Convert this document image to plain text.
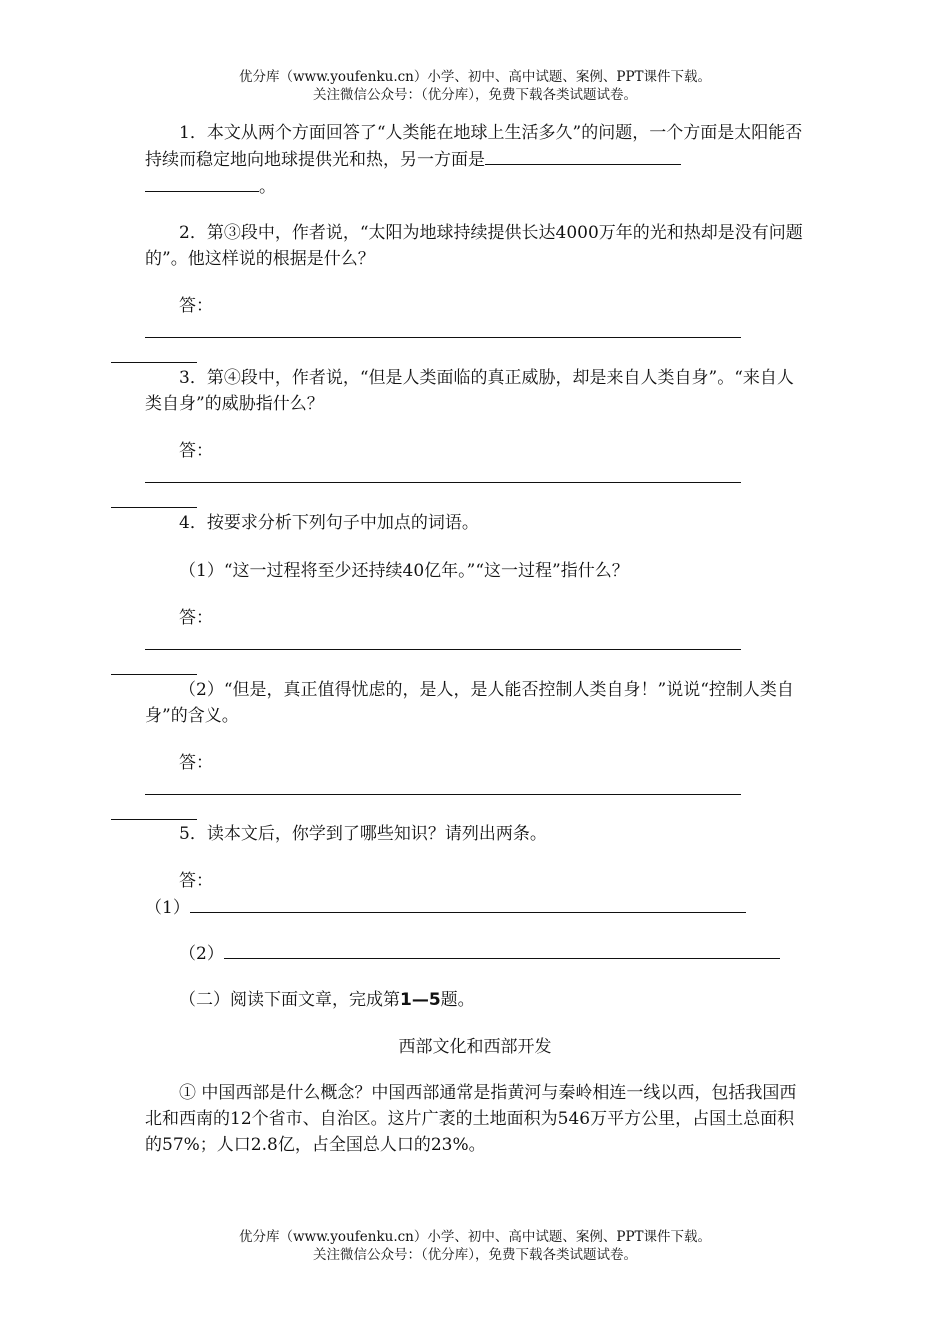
优分库（www.youfenku.cn）小学、初中、高中试题、案例、PPT课件下载。
关注微信公众号：（优分库），免费下载各类试题试卷。
1．本文从两个方面回答了“人类能在地球上生活多久”的问题，一个方面是太阳能否持续而稳定地向地球提供光和热，另一方面是
。
2．第③段中，作者说，“太阳为地球持续提供长达4000万年的光和热却是没有问题的”。他这样说的根据是什么？
答：
3．第④段中，作者说，“但是人类面临的真正威胁，却是来自人类自身”。“来自人类自身”的威胁指什么？
答：
4．按要求分析下列句子中加点的词语。
（1）“这一过程将至少还持续40亿年。”“这一过程”指什么？
答：
（2）“但是，真正值得忧虑的，是人，是人能否控制人类自身！”说说“控制人类自身”的含义。
答：
5．读本文后，你学到了哪些知识？请列出两条。
答：
（1）
（2）
（二）阅读下面文章，完成第1—5题。
西部文化和西部开发
① 中国西部是什么概念？中国西部通常是指黄河与秦岭相连一线以西，包括我国西北和西南的12个省市、自治区。这片广袤的土地面积为546万平方公里，占国土总面积的57%；人口2.8亿，占全国总人口的23%。
优分库（www.youfenku.cn）小学、初中、高中试题、案例、PPT课件下载。
关注微信公众号：（优分库），免费下载各类试题试卷。
